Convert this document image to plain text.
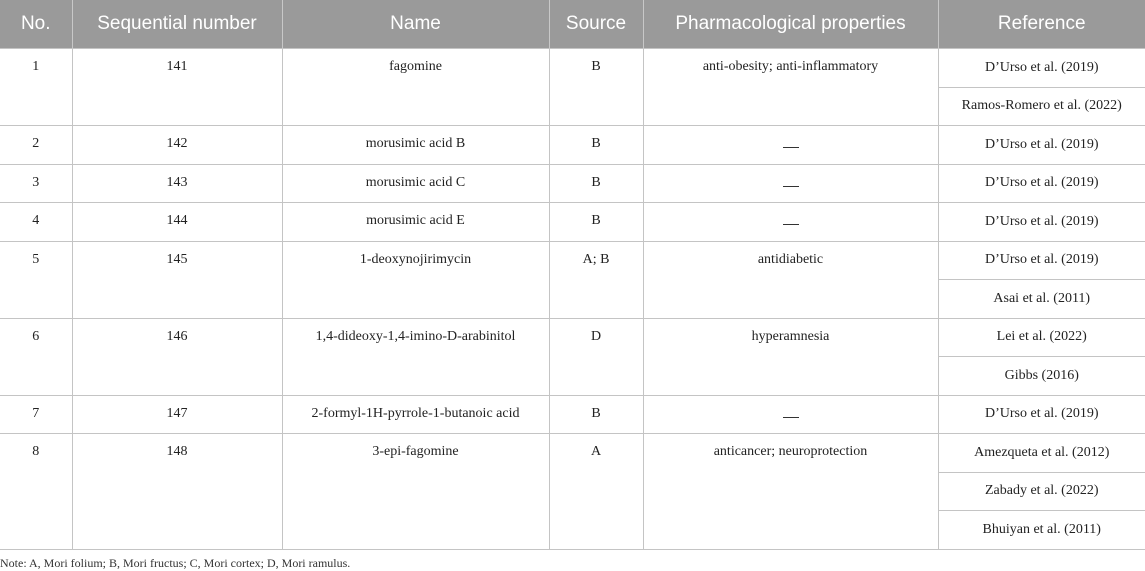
No.	Sequential number	Name	Source	Pharmacological properties	Reference
1	141	fagomine	B	anti-obesity; anti-inflammatory	D’Urso et al. (2019)
					Ramos-Romero et al. (2022)
2	142	morusimic acid B	B		D’Urso et al. (2019)
3	143	morusimic acid C	B		D’Urso et al. (2019)
4	144	morusimic acid E	B		D’Urso et al. (2019)
5	145	1-deoxynojirimycin	A; B	antidiabetic	D’Urso et al. (2019)
					Asai et al. (2011)
6	146	1,4-dideoxy-1,4-imino-D-arabinitol	D	hyperamnesia	Lei et al. (2022)
					Gibbs (2016)
7	147	2-formyl-1H-pyrrole-1-butanoic acid	B		D’Urso et al. (2019)
8	148	3-epi-fagomine	A	anticancer; neuroprotection	Amezqueta et al. (2012)
					Zabady et al. (2022)
					Bhuiyan et al. (2011)
Note: A, Mori folium; B, Mori fructus; C, Mori cortex; D, Mori ramulus.
